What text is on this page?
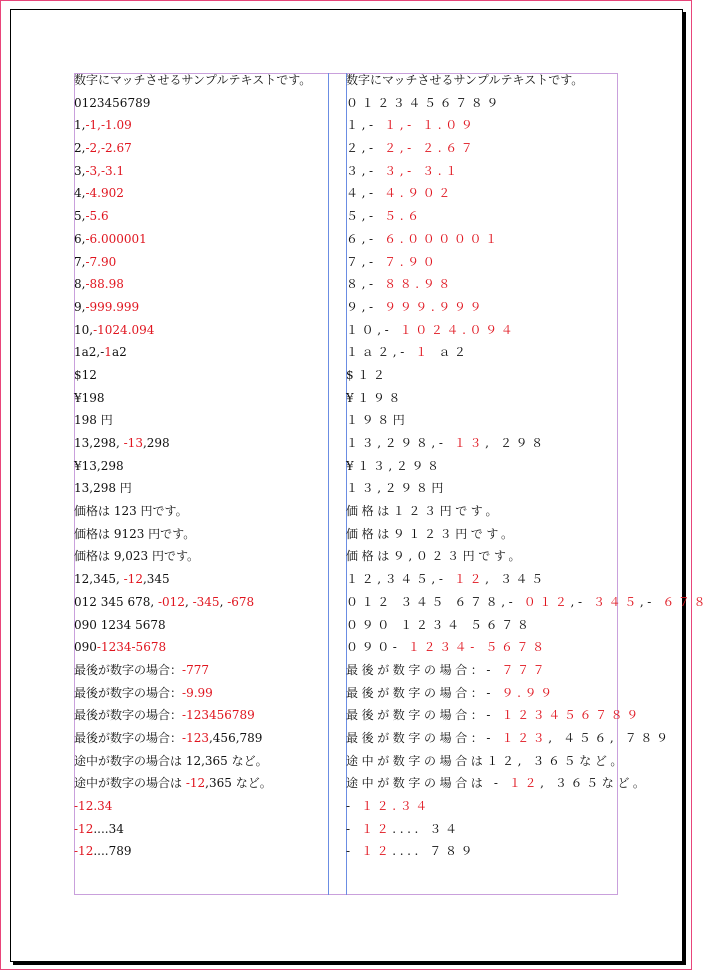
数字にマッチさせるサンプルテキストです。
0123456789
1,-1,-1.09
2,-2,-2.67
3,-3,-3.1
4,-4.902
5,-5.6
6,-6.000001
7,-7.90
8,-88.98
9,-999.999
10,-1024.094
1a2,-1a2
$12
¥198
198 円
13,298, -13,298
¥13,298
13,298 円
価格は 123 円です。
価格は 9123 円です。
価格は 9,023 円です。
12,345, -12,345
012 345 678, -012, -345, -678
090 1234 5678
090-1234-5678
最後が数字の場合：-777
最後が数字の場合：-9.99
最後が数字の場合：-123456789
最後が数字の場合：-123,456,789
途中が数字の場合は 12,365 など。
途中が数字の場合は -12,365 など。
-12.34
-12....34
-12....789
数字にマッチさせるサンプルテキストです。
０１２３４５６７８９
１,- １,- １.０９
２,- ２,- ２.６７
３,- ３,- ３.１
４,- ４.９０２
５,- ５.６
６,- ６.０００００１
７,- ７.９０
８,- ８８.９８
９,- ９９９.９９９
１０,- １０２４.０９４
１ａ２,- １ ａ２
$１２
¥１９８
１９８円
１３,２９８,- １３, ２９８
¥１３,２９８
１３,２９８円
価格は１２３円です。
価格は９１２３円です。
価格は９,０２３円です。
１２,３４５,- １２, ３４５
０１２ ３４５ ６７８,- ０１２,- ３４５,- ６７８
０９０ １２３４ ５６７８
０９０- １２３４- ５６７８
最後が数字の場合：- ７７７
最後が数字の場合：- ９.９９
最後が数字の場合：- １２３４５６７８９
最後が数字の場合：- １２３, ４５６, ７８９
途中が数字の場合は１２, ３６５など。
途中が数字の場合は - １２, ３６５など。
- １２.３４
- １２.... ３４
- １２.... ７８９
